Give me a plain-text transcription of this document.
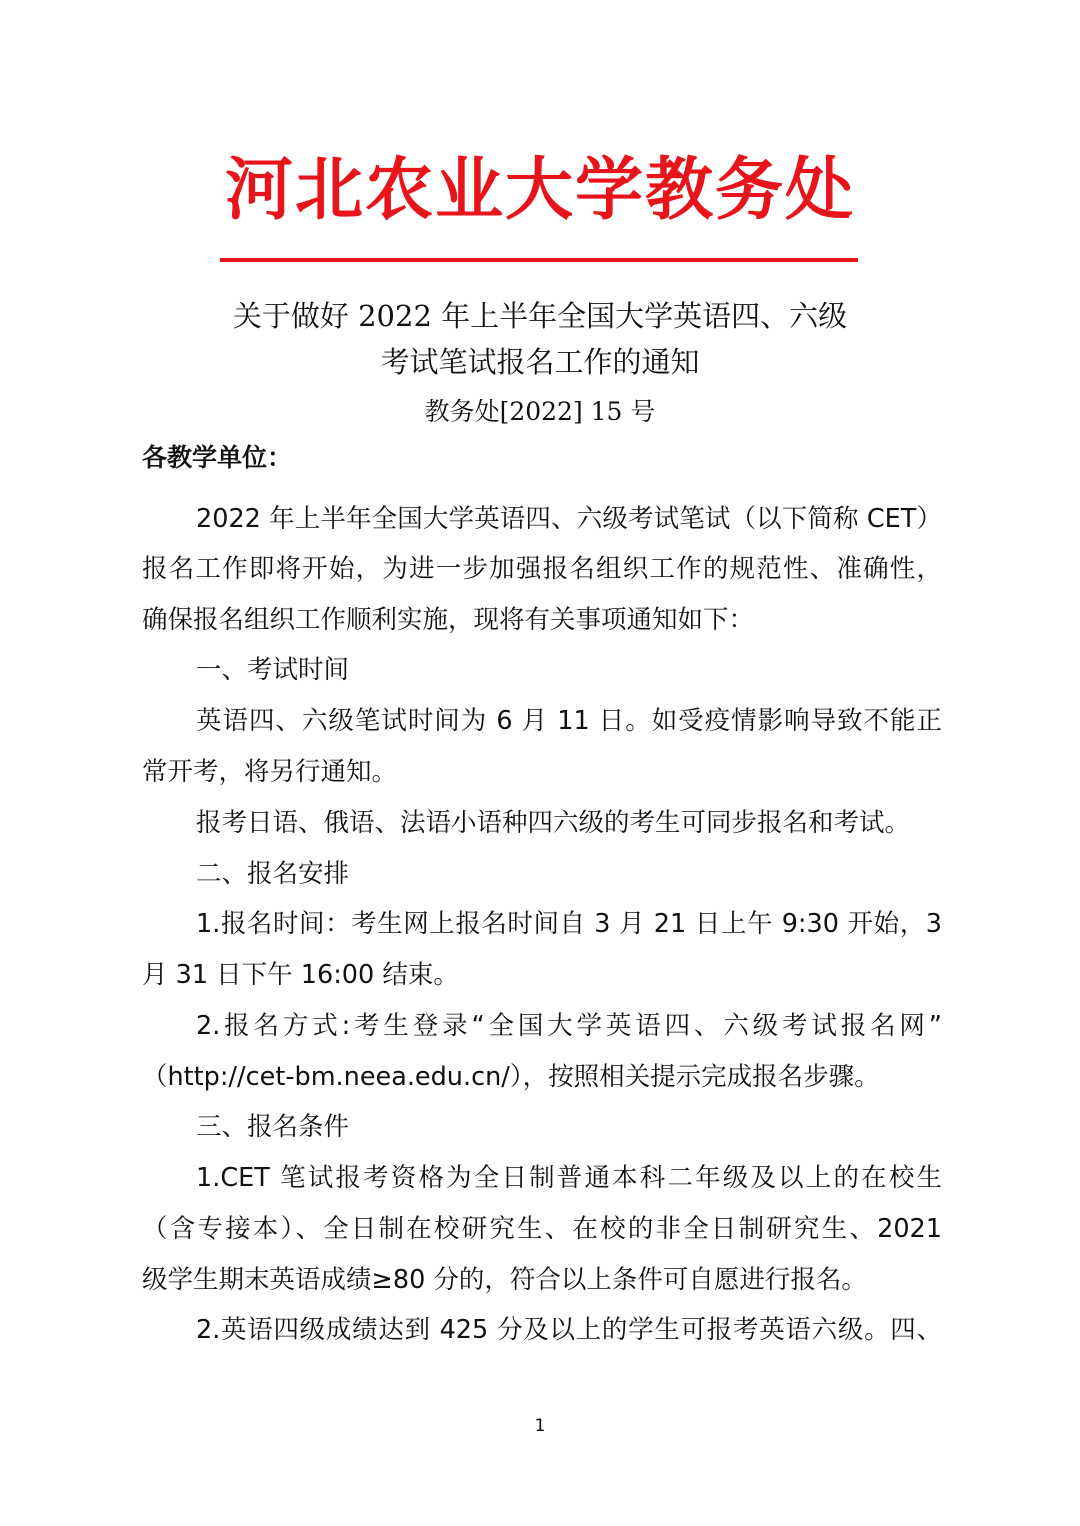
河北农业大学教务处
关于做好 2022 年上半年全国大学英语四、六级
考试笔试报名工作的通知
教务处[2022] 15 号
各教学单位：
2022 年上半年全国大学英语四、六级考试笔试（以下简称 CET）
报名工作即将开始，为进一步加强报名组织工作的规范性、准确性，
确保报名组织工作顺利实施，现将有关事项通知如下：
一、考试时间
英语四、六级笔试时间为 6 月 11 日。如受疫情影响导致不能正
常开考，将另行通知。
报考日语、俄语、法语小语种四六级的考生可同步报名和考试。
二、报名安排
1.报名时间：考生网上报名时间自 3 月 21 日上午 9:30 开始，3
月 31 日下午 16:00 结束。
2.报名方式:考生登录“全国大学英语四、六级考试报名网”
（http://cet-bm.neea.edu.cn/），按照相关提示完成报名步骤。
三、报名条件
1.CET 笔试报考资格为全日制普通本科二年级及以上的在校生
（含专接本）、全日制在校研究生、在校的非全日制研究生、2021
级学生期末英语成绩≥80 分的，符合以上条件可自愿进行报名。
2.英语四级成绩达到 425 分及以上的学生可报考英语六级。四、
1
